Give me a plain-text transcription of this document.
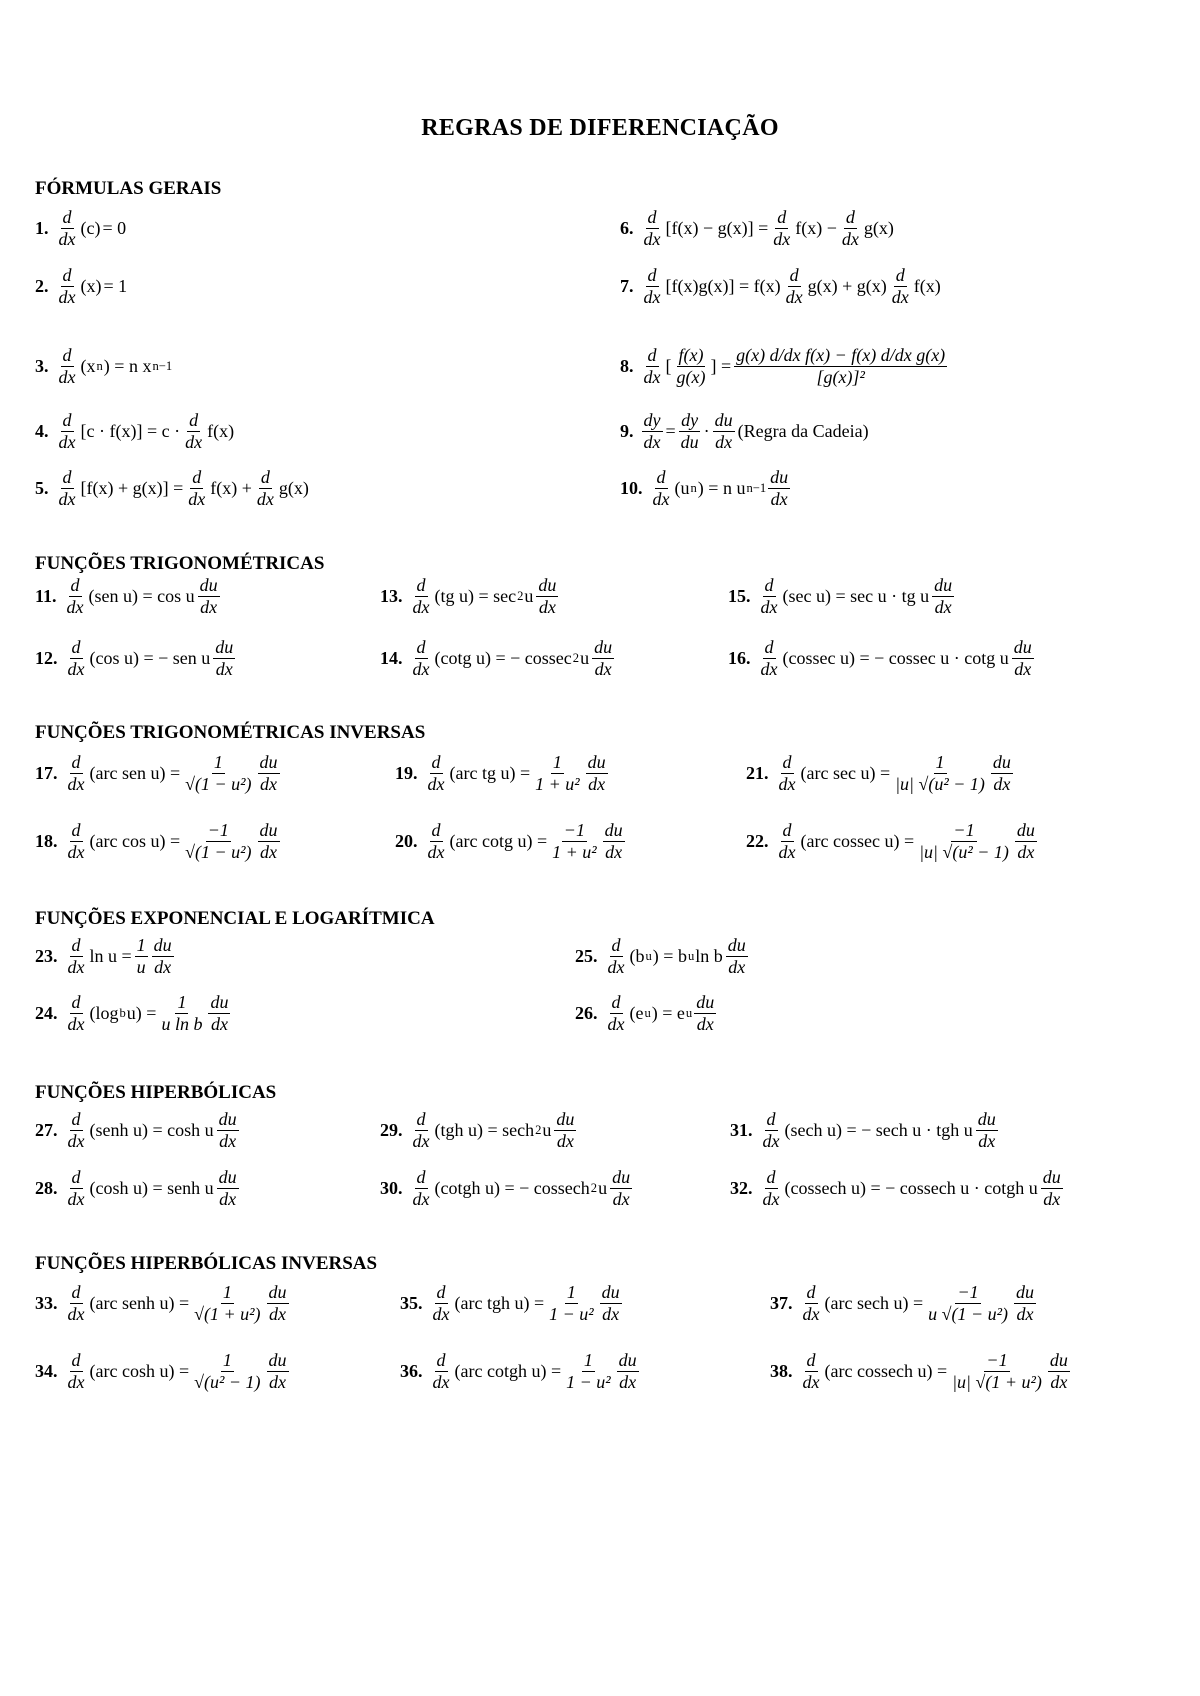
REGRAS DE DIFERENCIAÇÃO
FÓRMULAS GERAIS
FUNÇÕES TRIGONOMÉTRICAS
FUNÇÕES TRIGONOMÉTRICAS INVERSAS
FUNÇÕES EXPONENCIAL E LOGARÍTMICA
FUNÇÕES HIPERBÓLICAS
FUNÇÕES HIPERBÓLICAS INVERSAS
1. $\frac{d}{dx} (c) = 0$
2. $\frac{d}{dx} (x) = 1$
3. $\frac{d}{dx} (x$ n ) = n x n−1
4. $\frac{d}{dx} [c \cdot f(x)] = c \cdot \frac{d}{dx} f(x)$
5. $\frac{d}{dx} [f(x) + g(x)] = \frac{d}{dx} f(x) + \frac{d}{dx} g(x)$
6. $\frac{d}{dx} [f(x) - g(x)] = \frac{d}{dx} f(x) - \frac{d}{dx} g(x)$
7. $\frac{d}{dx} [f(x)g(x)] = f(x) \frac{d}{dx} g(x) + g(x) \frac{d}{dx} f(x)$
8. $\frac{d}{dx}$ [ $\frac{f(x)}{g(x)}$ ] = $\frac{\text{g(x) d/dx f(x) − f(x) d/dx g(x)}}{\text{[g(x)]²}}$
9. $\frac{dy}{dx} = \frac{dy}{du} \cdot \frac{du}{dx}$ (Regra da Cadeia)
10. $\frac{d}{dx} (u$ n ) = n u $n-1 \frac{du}{dx}$
11. $\frac{d}{dx} (sen$ u) = cos u $\frac{du}{dx}$
12. $\frac{d}{dx} (\cos$ u) = − sen u $\frac{du}{dx}$
13. $\frac{d}{dx} (tg$ u) = sec 2 u $\frac{du}{dx}$
14. $\frac{d}{dx} (\cot g$ u) = − cossec 2 u $\frac{du}{dx}$
15. $\frac{d}{dx} (\sec$ u) = sec u · tg u $\frac{du}{dx}$
16. $\frac{d}{dx} (cossec$ u) = − cossec u · cotg u $\frac{du}{dx}$
17. $\frac{d}{dx} (arc$ sen $u) = \frac{1}{\text{√(1 − u²)}} \frac{du}{dx}$
18. $\frac{d}{dx} (arc$ $\cos u) = \frac{-1}{\text{√(1 − u²)}} \frac{du}{dx}$
19. $\frac{d}{dx} (arc$ tg $u) = \frac{1}{\text{1 + u²}} \frac{du}{dx}$
20. $\frac{d}{dx} (arc$ cotg $u) = \frac{-1}{\text{1 + u²}} \frac{du}{dx}$
21. $\frac{d}{dx} (arc$ $\sec u) = \frac{1}{\text{|u| √(u² − 1)}} \frac{du}{dx}$
22. $\frac{d}{dx} (arc$ cossec $u) = \frac{-1}{\text{|u| √(u² − 1)}} \frac{du}{dx}$
23. $\frac{d}{dx}$ $\ln u = \frac{1}{u} \frac{du}{dx}$
24. $\frac{d}{dx} (\log$ b $u) = \frac{1}{\text{u ln b}} \frac{du}{dx}$
25. $\frac{d}{dx} (b$ u ) = b u ln b $\frac{du}{dx}$
26. $\frac{d}{dx} (e$ u ) = e u $\frac{du}{dx}$
27. $\frac{d}{dx}$ (senh u) = cosh u $\frac{du}{dx}$
28. $\frac{d}{dx} (\cosh$ u) = senh u $\frac{du}{dx}$
29. $\frac{d}{dx} (tgh$ u) = sech 2 u $\frac{du}{dx}$
30. $\frac{d}{dx}$ (cotgh u) = − cossech 2 u $\frac{du}{dx}$
31. $\frac{d}{dx} (\sec h$ u) = − sech u · tgh u $\frac{du}{dx}$
32. $\frac{d}{dx} (cossech$ u) = − cossech u · cotgh u $\frac{du}{dx}$
33. $\frac{d}{dx} (arc$ senh $u) = \frac{1}{\text{√(1 + u²)}} \frac{du}{dx}$
34. $\frac{d}{dx} (arc$ $\cosh u) = \frac{1}{\text{√(u² − 1)}} \frac{du}{dx}$
35. $\frac{d}{dx} (arc$ tgh $u) = \frac{1}{\text{1 − u²}} \frac{du}{dx}$
36. $\frac{d}{dx} (arc$ cotgh $u) = \frac{1}{\text{1 − u²}} \frac{du}{dx}$
37. $\frac{d}{dx} (arc$ sech $u) = \frac{-1}{\text{u √(1 − u²)}} \frac{du}{dx}$
38. $\frac{d}{dx} (arc$ cossech $u) = \frac{-1}{\text{|u| √(1 + u²)}} \frac{du}{dx}$
